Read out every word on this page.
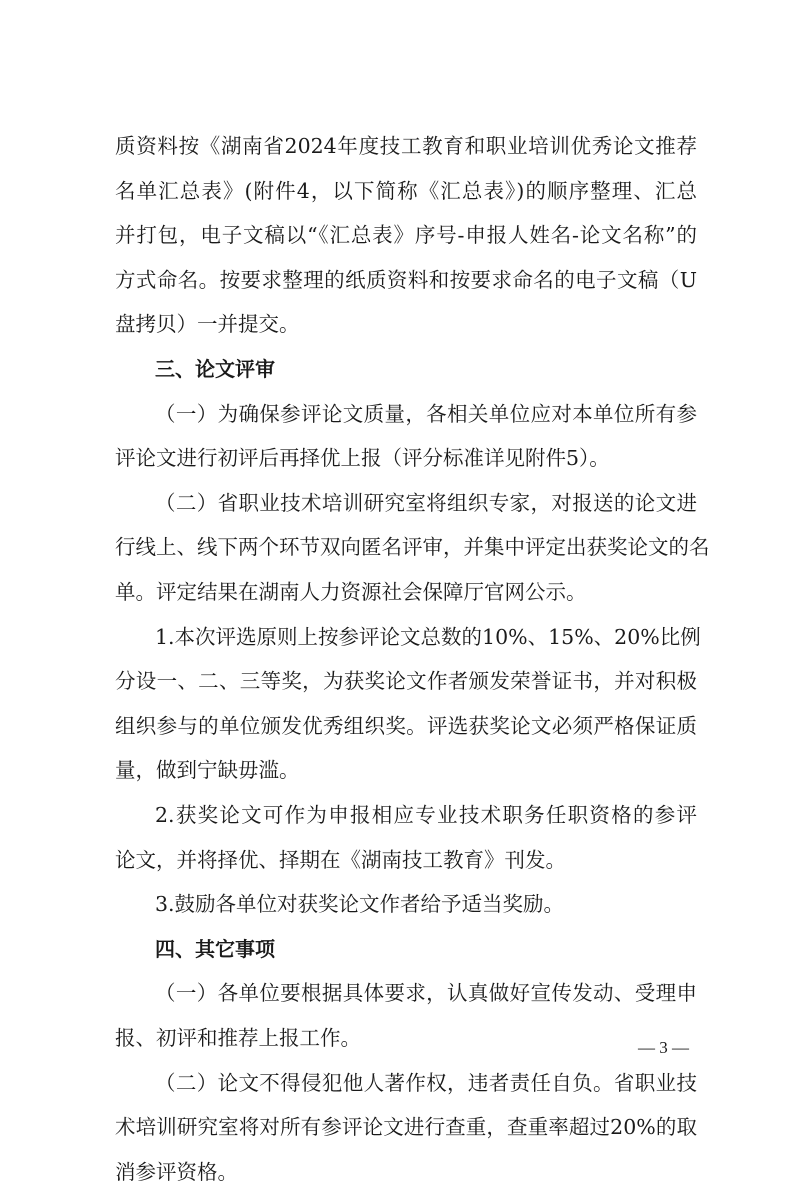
质资料按《湖南省2024年度技工教育和职业培训优秀论文推荐
名单汇总表》(附件4，以下简称《汇总表》)的顺序整理、汇总
并打包，电子文稿以“《汇总表》序号-申报人姓名-论文名称”的
方式命名。按要求整理的纸质资料和按要求命名的电子文稿（U
盘拷贝）一并提交。
三、论文评审
（一）为确保参评论文质量，各相关单位应对本单位所有参
评论文进行初评后再择优上报（评分标准详见附件5）。
（二）省职业技术培训研究室将组织专家，对报送的论文进
行线上、线下两个环节双向匿名评审，并集中评定出获奖论文的名
单。评定结果在湖南人力资源社会保障厅官网公示。
1.本次评选原则上按参评论文总数的10%、15%、20%比例
分设一、二、三等奖，为获奖论文作者颁发荣誉证书，并对积极
组织参与的单位颁发优秀组织奖。评选获奖论文必须严格保证质
量，做到宁缺毋滥。
2.获奖论文可作为申报相应专业技术职务任职资格的参评
论文，并将择优、择期在《湖南技工教育》刊发。
3.鼓励各单位对获奖论文作者给予适当奖励。
四、其它事项
（一）各单位要根据具体要求，认真做好宣传发动、受理申
报、初评和推荐上报工作。
（二）论文不得侵犯他人著作权，违者责任自负。省职业技
术培训研究室将对所有参评论文进行查重，查重率超过20%的取
消参评资格。
— 3 —
